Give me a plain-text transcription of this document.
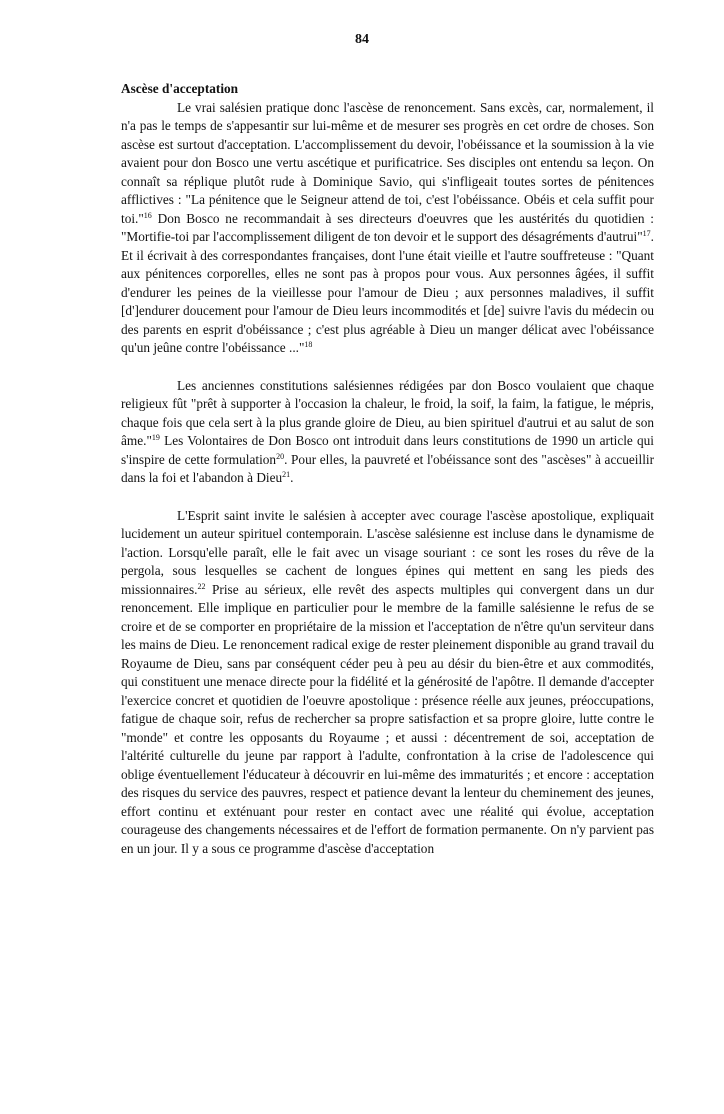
84

Ascèse d'acceptation

Le vrai salésien pratique donc l'ascèse de renoncement. Sans excès, car, normalement, il n'a pas le temps de s'appesantir sur lui-même et de mesurer ses progrès en cet ordre de choses. Son ascèse est surtout d'acceptation. L'accomplissement du devoir, l'obéissance et la soumission à la vie avaient pour don Bosco une vertu ascétique et purificatrice. Ses disciples ont entendu sa leçon. On connaît sa réplique plutôt rude à Dominique Savio, qui s'infligeait toutes sortes de pénitences afflictives : "La pénitence que le Seigneur attend de toi, c'est l'obéissance. Obéis et cela suffit pour toi."$^{16}$ Don Bosco ne recommandait à ses directeurs d'oeuvres que les austérités du quotidien : "Mortifie-toi par l'accomplissement diligent de ton devoir et le support des désagréments d'autrui"$^{17}$. Et il écrivait à des correspondantes françaises, dont l'une était vieille et l'autre souffreteuse : "Quant aux pénitences corporelles, elles ne sont pas à propos pour vous. Aux personnes âgées, il suffit d'endurer les peines de la vieillesse pour l'amour de Dieu ; aux personnes maladives, il suffit [d']endurer doucement pour l'amour de Dieu leurs incommodités et [de] suivre l'avis du médecin ou des parents en esprit d'obéissance ; c'est plus agréable à Dieu un manger délicat avec l'obéissance qu'un jeûne contre l'obéissance ..."$^{18}$

Les anciennes constitutions salésiennes rédigées par don Bosco voulaient que chaque religieux fût "prêt à supporter à l'occasion la chaleur, le froid, la soif, la faim, la fatigue, le mépris, chaque fois que cela sert à la plus grande gloire de Dieu, au bien spirituel d'autrui et au salut de son âme."$^{19}$ Les Volontaires de Don Bosco ont introduit dans leurs constitutions de 1990 un article qui s'inspire de cette formulation$^{20}$. Pour elles, la pauvreté et l'obéissance sont des "ascèses" à accueillir dans la foi et l'abandon à Dieu$^{21}$.

L'Esprit saint invite le salésien à accepter avec courage l'ascèse apostolique, expliquait lucidement un auteur spirituel contemporain. L'ascèse salésienne est incluse dans le dynamisme de l'action. Lorsqu'elle paraît, elle le fait avec un visage souriant : ce sont les roses du rêve de la pergola, sous lesquelles se cachent de longues épines qui mettent en sang les pieds des missionnaires.$^{22}$ Prise au sérieux, elle revêt des aspects multiples qui convergent dans un dur renoncement. Elle implique en particulier pour le membre de la famille salésienne le refus de se croire et de se comporter en propriétaire de la mission et l'acceptation de n'être qu'un serviteur dans les mains de Dieu. Le renoncement radical exige de rester pleinement disponible au grand travail du Royaume de Dieu, sans par conséquent céder peu à peu au désir du bien-être et aux commodités, qui constituent une menace directe pour la fidélité et la générosité de l'apôtre. Il demande d'accepter l'exercice concret et quotidien de l'oeuvre apostolique : présence réelle aux jeunes, préoccupations, fatigue de chaque soir, refus de rechercher sa propre satisfaction et sa propre gloire, lutte contre le "monde" et contre les opposants du Royaume ; et aussi : décentrement de soi, acceptation de l'altérité culturelle du jeune par rapport à l'adulte, confrontation à la crise de l'adolescence qui oblige éventuellement l'éducateur à découvrir en lui-même des immaturités ; et encore : acceptation des risques du service des pauvres, respect et patience devant la lenteur du cheminement des jeunes, effort continu et exténuant pour rester en contact avec une réalité qui évolue, acceptation courageuse des changements nécessaires et de l'effort de formation permanente. On n'y parvient pas en un jour. Il y a sous ce programme d'ascèse d'acceptation
